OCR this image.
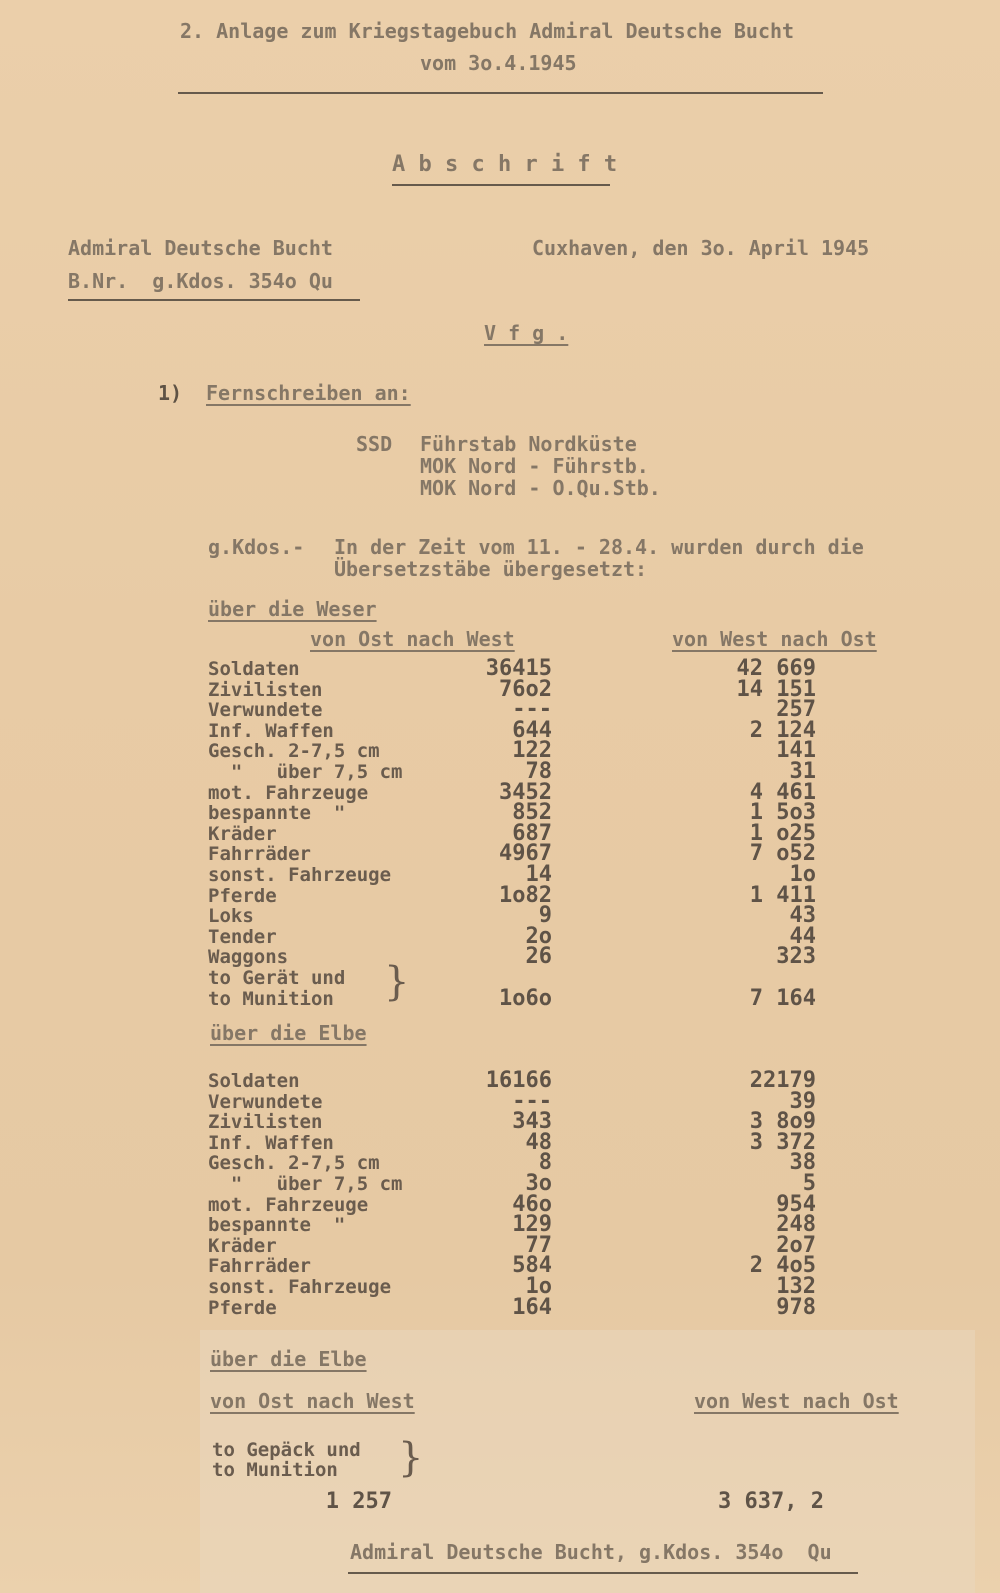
2. Anlage zum Kriegstagebuch Admiral Deutsche Bucht
vom 3o.4.1945
A b s c h r i f t
Admiral Deutsche Bucht
B.Nr.  g.Kdos. 354o Qu
Cuxhaven, den 3o. April 1945
V f g .
1) Fernschreiben an:
SSD Führstab Nordküste
MOK Nord - Führstb.
MOK Nord - O.Qu.Stb.
g.Kdos.- In der Zeit vom 11. - 28.4. wurden durch die
Übersetzstäbe übergesetzt:
über die Weser
von Ost nach West	von West nach Ost
Soldaten	36415	42 669
Zivilisten	76o2	14 151
Verwundete	---	257
Inf. Waffen	644	2 124
Gesch. 2-7,5 cm	122	141
"   über 7,5 cm	78	31
mot. Fahrzeuge	3452	4 461
bespannte  "	852	1 5o3
Kräder	687	1 o25
Fahrräder	4967	7 o52
sonst. Fahrzeuge	14	1o
Pferde	1o82	1 411
Loks	9	43
Tender	2o	44
Waggons	26	323
to Gerät und
to Munition	1o6o	7 164
}
über die Elbe
Soldaten	16166	22179
Verwundete	---	39
Zivilisten	343	3 8o9
Inf. Waffen	48	3 372
Gesch. 2-7,5 cm	8	38
"   über 7,5 cm	3o	5
mot. Fahrzeuge	46o	954
bespannte  "	129	248
Kräder	77	2o7
Fahrräder	584	2 4o5
sonst. Fahrzeuge	1o	132
Pferde	164	978
über die Elbe
von Ost nach West	von West nach Ost
to Gepäck und
to Munition }
1 257	3 637, 2
Admiral Deutsche Bucht, g.Kdos. 354o  Qu
